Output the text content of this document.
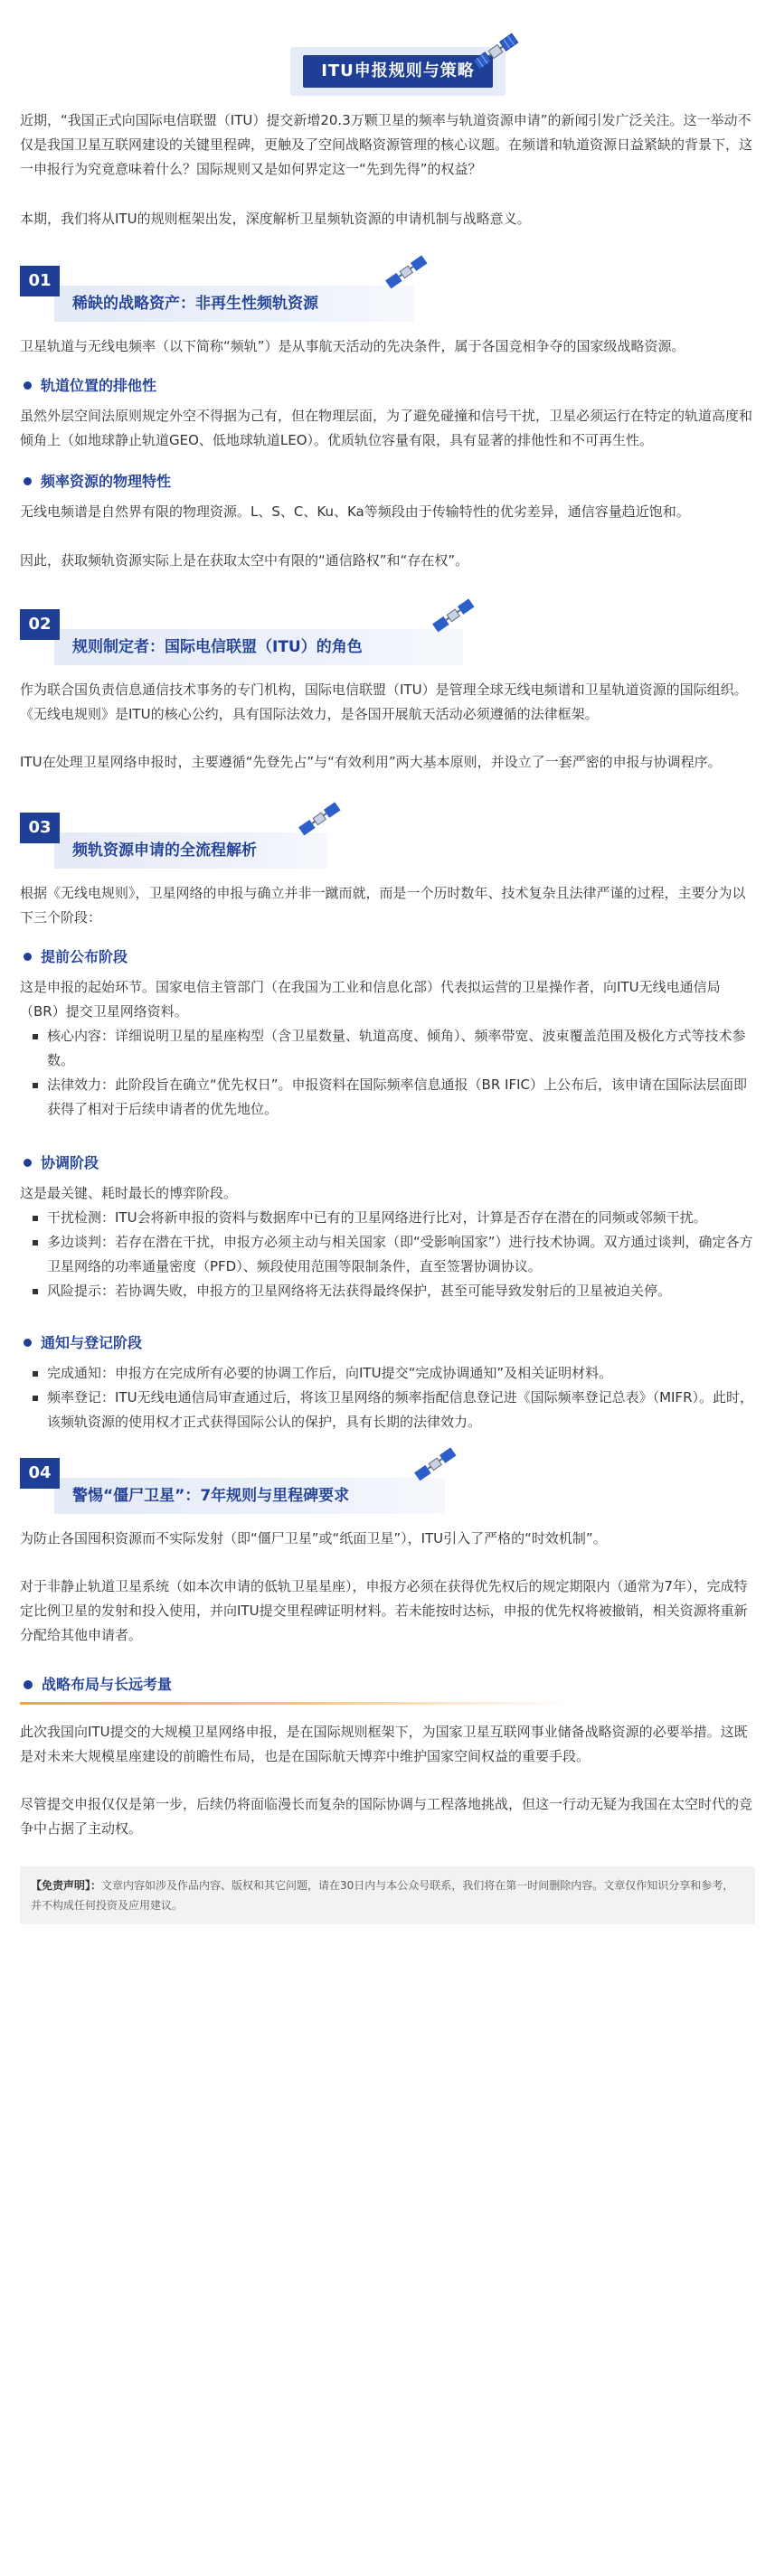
ITU申报规则与策略

近期，“我国正式向国际电信联盟（ITU）提交新增20.3万颗卫星的频率与轨道资源申请”的新闻引发广泛关注。这一举动不仅是我国卫星互联网建设的关键里程碑，更触及了空间战略资源管理的核心议题。在频谱和轨道资源日益紧缺的背景下，这一申报行为究竟意味着什么？国际规则又是如何界定这一“先到先得”的权益？

本期，我们将从ITU的规则框架出发，深度解析卫星频轨资源的申请机制与战略意义。

01
稀缺的战略资产：非再生性频轨资源

卫星轨道与无线电频率（以下简称“频轨”）是从事航天活动的先决条件，属于各国竞相争夺的国家级战略资源。

轨道位置的排他性

虽然外层空间法原则规定外空不得据为己有，但在物理层面，为了避免碰撞和信号干扰，卫星必须运行在特定的轨道高度和倾角上（如地球静止轨道GEO、低地球轨道LEO）。优质轨位容量有限，具有显著的排他性和不可再生性。

频率资源的物理特性

无线电频谱是自然界有限的物理资源。L、S、C、Ku、Ka等频段由于传输特性的优劣差异，通信容量趋近饱和。

因此，获取频轨资源实际上是在获取太空中有限的“通信路权”和“存在权”。

02
规则制定者：国际电信联盟（ITU）的角色

作为联合国负责信息通信技术事务的专门机构，国际电信联盟（ITU）是管理全球无线电频谱和卫星轨道资源的国际组织。《无线电规则》是ITU的核心公约，具有国际法效力，是各国开展航天活动必须遵循的法律框架。

ITU在处理卫星网络申报时，主要遵循“先登先占”与“有效利用”两大基本原则，并设立了一套严密的申报与协调程序。

03
频轨资源申请的全流程解析

根据《无线电规则》，卫星网络的申报与确立并非一蹴而就，而是一个历时数年、技术复杂且法律严谨的过程，主要分为以下三个阶段：

提前公布阶段

这是申报的起始环节。国家电信主管部门（在我国为工业和信息化部）代表拟运营的卫星操作者，向ITU无线电通信局（BR）提交卫星网络资料。

核心内容：详细说明卫星的星座构型（含卫星数量、轨道高度、倾角）、频率带宽、波束覆盖范围及极化方式等技术参数。
法律效力：此阶段旨在确立“优先权日”。申报资料在国际频率信息通报（BR IFIC）上公布后，该申请在国际法层面即获得了相对于后续申请者的优先地位。
协调阶段

这是最关键、耗时最长的博弈阶段。

干扰检测：ITU会将新申报的资料与数据库中已有的卫星网络进行比对，计算是否存在潜在的同频或邻频干扰。
多边谈判：若存在潜在干扰，申报方必须主动与相关国家（即“受影响国家”）进行技术协调。双方通过谈判，确定各方卫星网络的功率通量密度（PFD）、频段使用范围等限制条件，直至签署协调协议。
风险提示：若协调失败，申报方的卫星网络将无法获得最终保护，甚至可能导致发射后的卫星被迫关停。
通知与登记阶段
完成通知：申报方在完成所有必要的协调工作后，向ITU提交“完成协调通知”及相关证明材料。
频率登记：ITU无线电通信局审查通过后，将该卫星网络的频率指配信息登记进《国际频率登记总表》（MIFR）。此时，该频轨资源的使用权才正式获得国际公认的保护，具有长期的法律效力。
04
警惕“僵尸卫星”：7年规则与里程碑要求

为防止各国囤积资源而不实际发射（即“僵尸卫星”或“纸面卫星”），ITU引入了严格的“时效机制”。

对于非静止轨道卫星系统（如本次申请的低轨卫星星座），申报方必须在获得优先权后的规定期限内（通常为7年），完成特定比例卫星的发射和投入使用，并向ITU提交里程碑证明材料。若未能按时达标，申报的优先权将被撤销，相关资源将重新分配给其他申请者。

战略布局与长远考量

此次我国向ITU提交的大规模卫星网络申报，是在国际规则框架下，为国家卫星互联网事业储备战略资源的必要举措。这既是对未来大规模星座建设的前瞻性布局，也是在国际航天博弈中维护国家空间权益的重要手段。

尽管提交申报仅仅是第一步，后续仍将面临漫长而复杂的国际协调与工程落地挑战，但这一行动无疑为我国在太空时代的竞争中占据了主动权。

【免责声明】：文章内容如涉及作品内容、版权和其它问题，请在30日内与本公众号联系，我们将在第一时间删除内容。文章仅作知识分享和参考，并不构成任何投资及应用建议。
